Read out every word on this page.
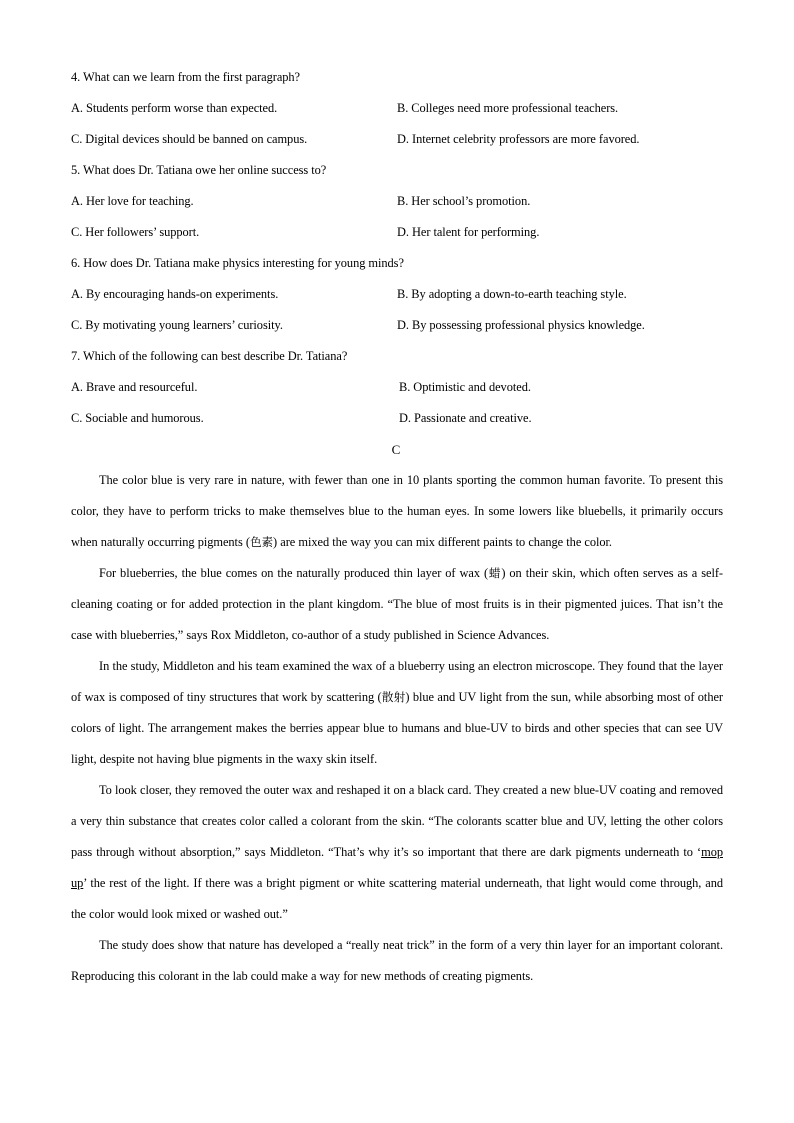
4. What can we learn from the first paragraph?
A. Students perform worse than expected.	B. Colleges need more professional teachers.
C. Digital devices should be banned on campus.	D. Internet celebrity professors are more favored.
5. What does Dr. Tatiana owe her online success to?
A. Her love for teaching.	B. Her school’s promotion.
C. Her followers’ support.	D. Her talent for performing.
6. How does Dr. Tatiana make physics interesting for young minds?
A. By encouraging hands-on experiments.	B. By adopting a down-to-earth teaching style.
C. By motivating young learners’ curiosity.	D. By possessing professional physics knowledge.
7. Which of the following can best describe Dr. Tatiana?
A. Brave and resourceful.	B. Optimistic and devoted.
C. Sociable and humorous.	D. Passionate and creative.
C
The color blue is very rare in nature, with fewer than one in 10 plants sporting the common human favorite. To present this color, they have to perform tricks to make themselves blue to the human eyes. In some lowers like bluebells, it primarily occurs when naturally occurring pigments (色素) are mixed the way you can mix different paints to change the color.
For blueberries, the blue comes on the naturally produced thin layer of wax (蜡) on their skin, which often serves as a self-cleaning coating or for added protection in the plant kingdom. “The blue of most fruits is in their pigmented juices. That isn’t the case with blueberries,” says Rox Middleton, co-author of a study published in Science Advances.
In the study, Middleton and his team examined the wax of a blueberry using an electron microscope. They found that the layer of wax is composed of tiny structures that work by scattering (散射) blue and UV light from the sun, while absorbing most of other colors of light. The arrangement makes the berries appear blue to humans and blue-UV to birds and other species that can see UV light, despite not having blue pigments in the waxy skin itself.
To look closer, they removed the outer wax and reshaped it on a black card. They created a new blue-UV coating and removed a very thin substance that creates color called a colorant from the skin. “The colorants scatter blue and UV, letting the other colors pass through without absorption,” says Middleton. “That’s why it’s so important that there are dark pigments underneath to ‘mop up’ the rest of the light. If there was a bright pigment or white scattering material underneath, that light would come through, and the color would look mixed or washed out.”
The study does show that nature has developed a “really neat trick” in the form of a very thin layer for an important colorant. Reproducing this colorant in the lab could make a way for new methods of creating pigments.
